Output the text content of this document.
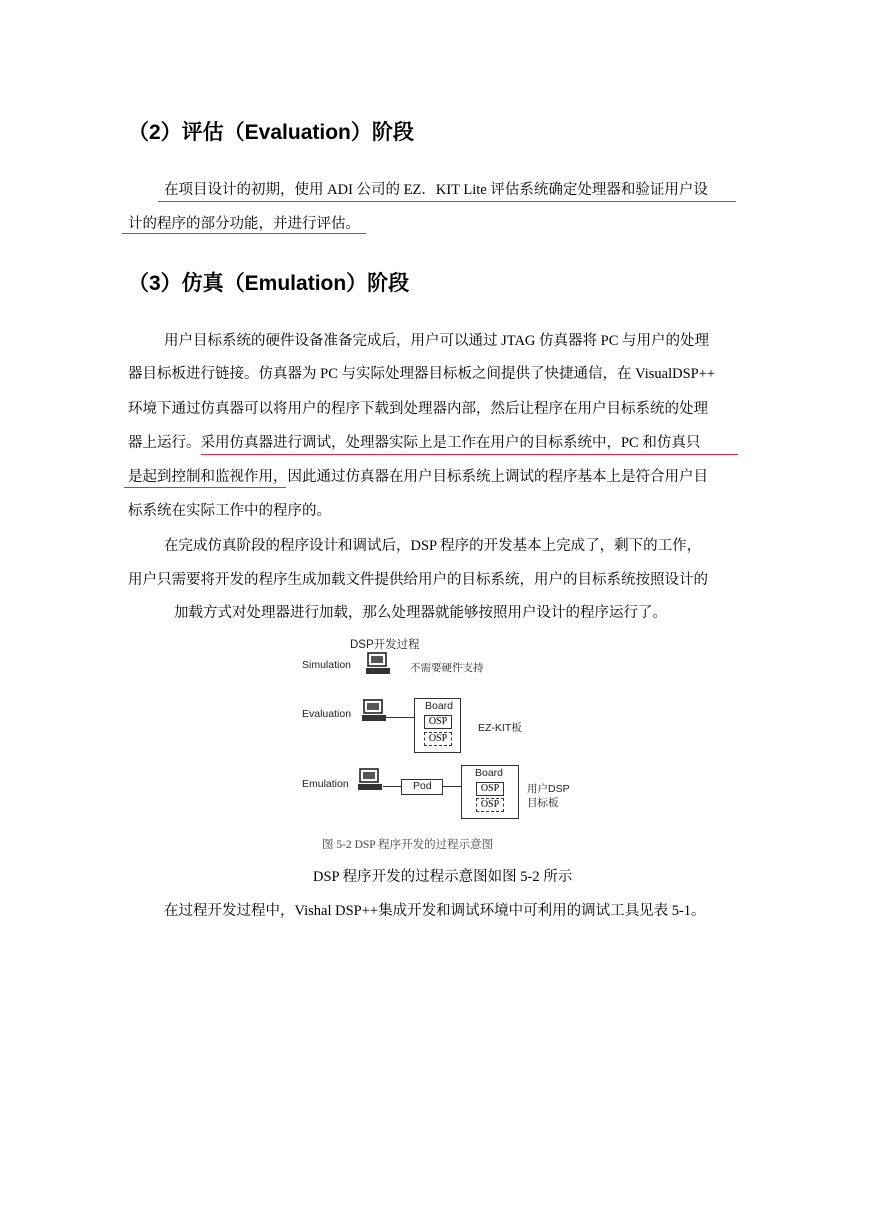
（2）评估（Evaluation）阶段
在项目设计的初期，使用 ADI 公司的 EZ．KIT Lite 评估系统确定处理器和验证用户设
计的程序的部分功能，并进行评估。
（3）仿真（Emulation）阶段
用户目标系统的硬件设备准备完成后，用户可以通过 JTAG 仿真器将 PC 与用户的处理
器目标板进行链接。仿真器为 PC 与实际处理器目标板之间提供了快捷通信，在 VisualDSP++
环境下通过仿真器可以将用户的程序下载到处理器内部，然后让程序在用户目标系统的处理
器上运行。采用仿真器进行调试，处理器实际上是工作在用户的目标系统中，PC 和仿真只
是起到控制和监视作用，因此通过仿真器在用户目标系统上调试的程序基本上是符合用户目
标系统在实际工作中的程序的。
在完成仿真阶段的程序设计和调试后，DSP 程序的开发基本上完成了，剩下的工作，
用户只需要将开发的程序生成加载文件提供给用户的目标系统，用户的目标系统按照设计的
加载方式对处理器进行加载，那么处理器就能够按照用户设计的程序运行了。
DSP开发过程
Simulation	不需要硬件支持
Evaluation
Board
OSP
OSP
EZ-KIT板
Emulation	Pod
Board
OSP
OSP
用户DSP
目标板
图 5-2 DSP 程序开发的过程示意图
DSP 程序开发的过程示意图如图 5-2 所示
在过程开发过程中，Vishal DSP++集成开发和调试环境中可利用的调试工具见表 5-1。
